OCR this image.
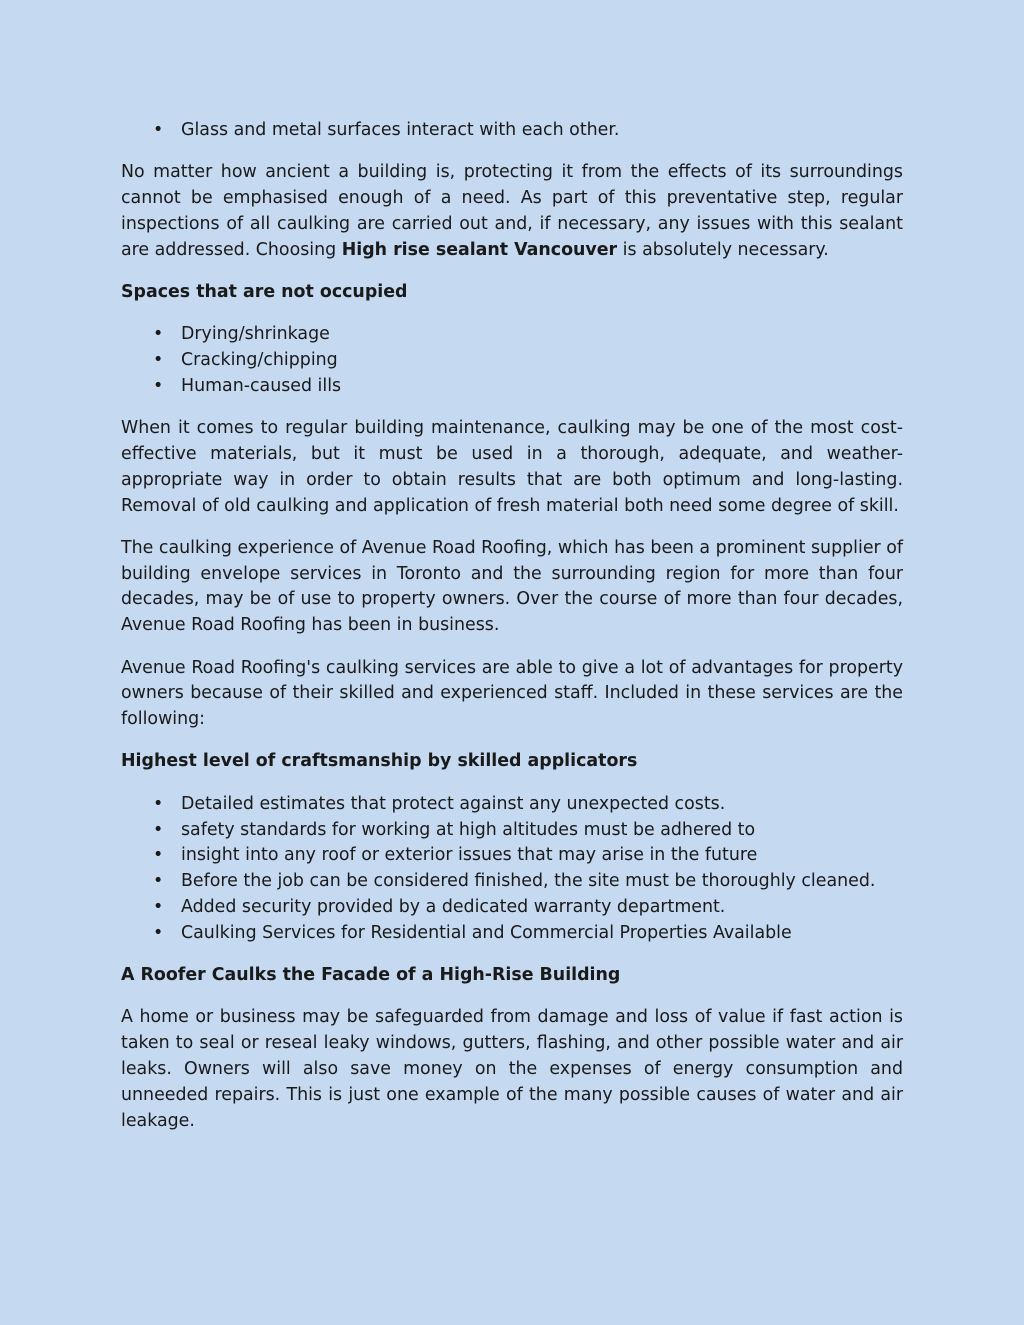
• Glass and metal surfaces interact with each other.

No matter how ancient a building is, protecting it from the effects of its surroundings cannot be emphasised enough of a need. As part of this preventative step, regular inspections of all caulking are carried out and, if necessary, any issues with this sealant are addressed. Choosing High rise sealant Vancouver is absolutely necessary.

Spaces that are not occupied
• Drying/shrinkage
• Cracking/chipping
• Human-caused ills

When it comes to regular building maintenance, caulking may be one of the most cost-effective materials, but it must be used in a thorough, adequate, and weather-appropriate way in order to obtain results that are both optimum and long-lasting. Removal of old caulking and application of fresh material both need some degree of skill.

The caulking experience of Avenue Road Roofing, which has been a prominent supplier of building envelope services in Toronto and the surrounding region for more than four decades, may be of use to property owners. Over the course of more than four decades, Avenue Road Roofing has been in business.

Avenue Road Roofing's caulking services are able to give a lot of advantages for property owners because of their skilled and experienced staff. Included in these services are the following:

Highest level of craftsmanship by skilled applicators
• Detailed estimates that protect against any unexpected costs.
• safety standards for working at high altitudes must be adhered to
• insight into any roof or exterior issues that may arise in the future
• Before the job can be considered finished, the site must be thoroughly cleaned.
• Added security provided by a dedicated warranty department.
• Caulking Services for Residential and Commercial Properties Available
A Roofer Caulks the Facade of a High-Rise Building

A home or business may be safeguarded from damage and loss of value if fast action is taken to seal or reseal leaky windows, gutters, flashing, and other possible water and air leaks. Owners will also save money on the expenses of energy consumption and unneeded repairs. This is just one example of the many possible causes of water and air leakage.
